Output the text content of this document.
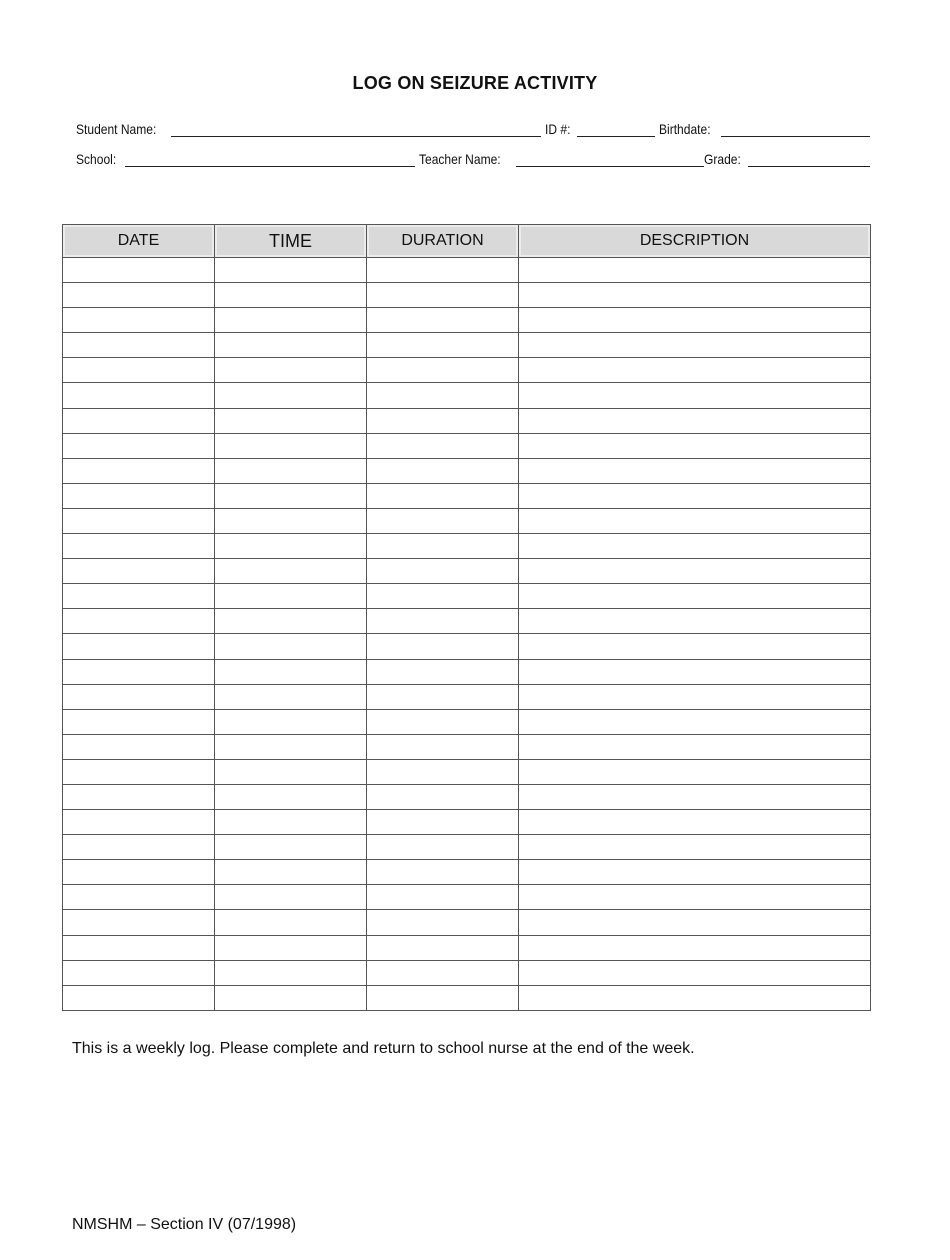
LOG ON SEIZURE ACTIVITY
Student Name:	ID #:	Birthdate:
School:	Teacher Name:	Grade:
DATE	TIME	DURATION	DESCRIPTION

This is a weekly log. Please complete and return to school nurse at the end of the week.
NMSHM – Section IV (07/1998)
